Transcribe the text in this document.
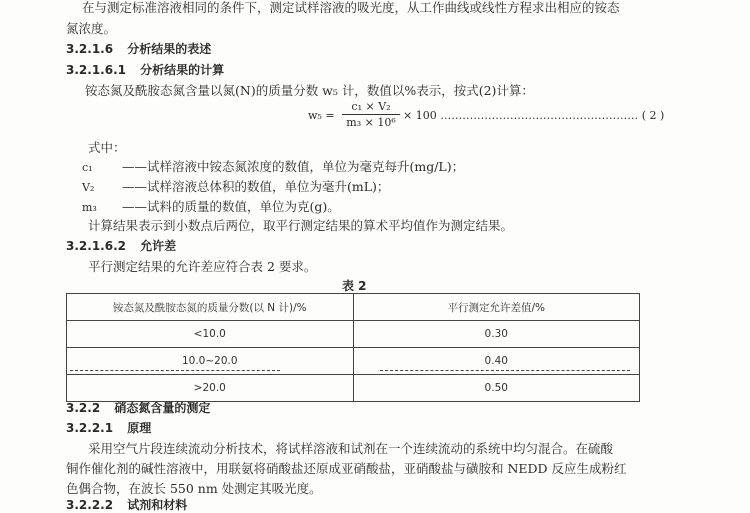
在与测定标准溶液相同的条件下，测定试样溶液的吸光度，从工作曲线或线性方程求出相应的铵态
氮浓度。
3.2.1.6 分析结果的表述
3.2.1.6.1 分析结果的计算
铵态氮及酰胺态氮含量以氮(N)的质量分数 w₅ 计，数值以%表示，按式(2)计算：
w₅ =
c₁ × V₂
m₃ × 10⁶
× 100 ……………………………………………… ( 2 )
式中：
c₁ ——试样溶液中铵态氮浓度的数值，单位为毫克每升(mg/L)；
V₂ ——试样溶液总体积的数值，单位为毫升(mL)；
m₃ ——试料的质量的数值，单位为克(g)。
计算结果表示到小数点后两位，取平行测定结果的算术平均值作为测定结果。
3.2.1.6.2 允许差
平行测定结果的允许差应符合表 2 要求。
表 2
铵态氮及酰胺态氮的质量分数(以 N 计)/%	平行测定允许差值/%
<10.0	0.30
10.0~20.0	0.40
>20.0	0.50
3.2.2 硝态氮含量的测定
3.2.2.1 原理
采用空气片段连续流动分析技术，将试样溶液和试剂在一个连续流动的系统中均匀混合。在硫酸
铜作催化剂的碱性溶液中，用联氨将硝酸盐还原成亚硝酸盐，亚硝酸盐与磺胺和 NEDD 反应生成粉红
色偶合物，在波长 550 nm 处测定其吸光度。
3.2.2.2 试剂和材料
